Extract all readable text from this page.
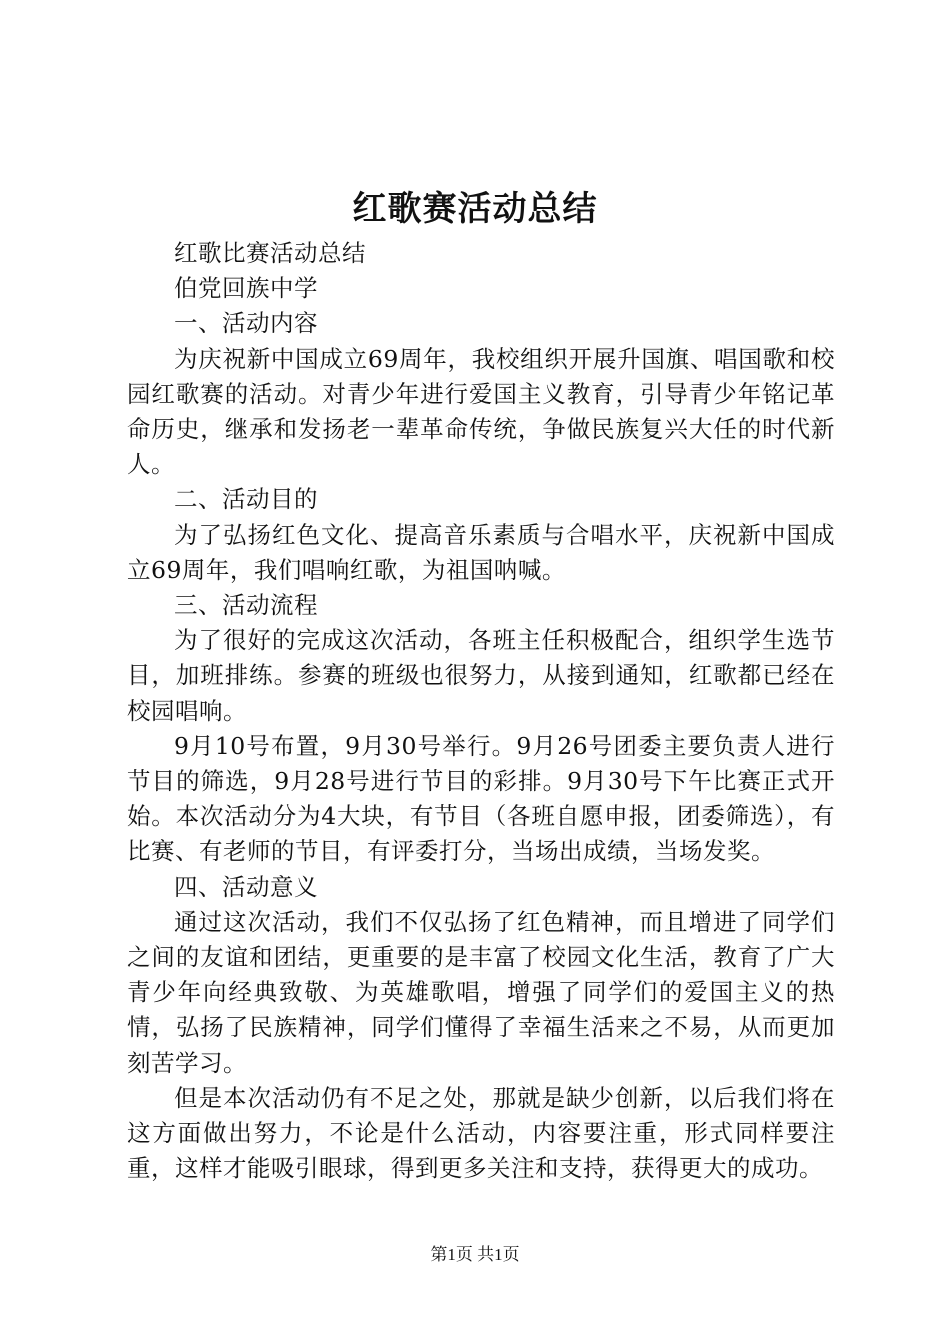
红歌赛活动总结

红歌比赛活动总结

伯党回族中学

一、活动内容

为庆祝新中国成立69周年，我校组织开展升国旗、唱国歌和校园红歌赛的活动。对青少年进行爱国主义教育，引导青少年铭记革命历史，继承和发扬老一辈革命传统，争做民族复兴大任的时代新人。

二、活动目的

为了弘扬红色文化、提高音乐素质与合唱水平，庆祝新中国成立69周年，我们唱响红歌，为祖国呐喊。

三、活动流程

为了很好的完成这次活动，各班主任积极配合，组织学生选节目，加班排练。参赛的班级也很努力，从接到通知，红歌都已经在校园唱响。

9月10号布置，9月30号举行。9月26号团委主要负责人进行节目的筛选，9月28号进行节目的彩排。9月30号下午比赛正式开始。本次活动分为4大块，有节目（各班自愿申报，团委筛选），有比赛、有老师的节目，有评委打分，当场出成绩，当场发奖。

四、活动意义

通过这次活动，我们不仅弘扬了红色精神，而且增进了同学们之间的友谊和团结，更重要的是丰富了校园文化生活，教育了广大青少年向经典致敬、为英雄歌唱，增强了同学们的爱国主义的热情，弘扬了民族精神，同学们懂得了幸福生活来之不易，从而更加刻苦学习。

但是本次活动仍有不足之处，那就是缺少创新，以后我们将在这方面做出努力，不论是什么活动，内容要注重，形式同样要注重，这样才能吸引眼球，得到更多关注和支持，获得更大的成功。

第1页 共1页
